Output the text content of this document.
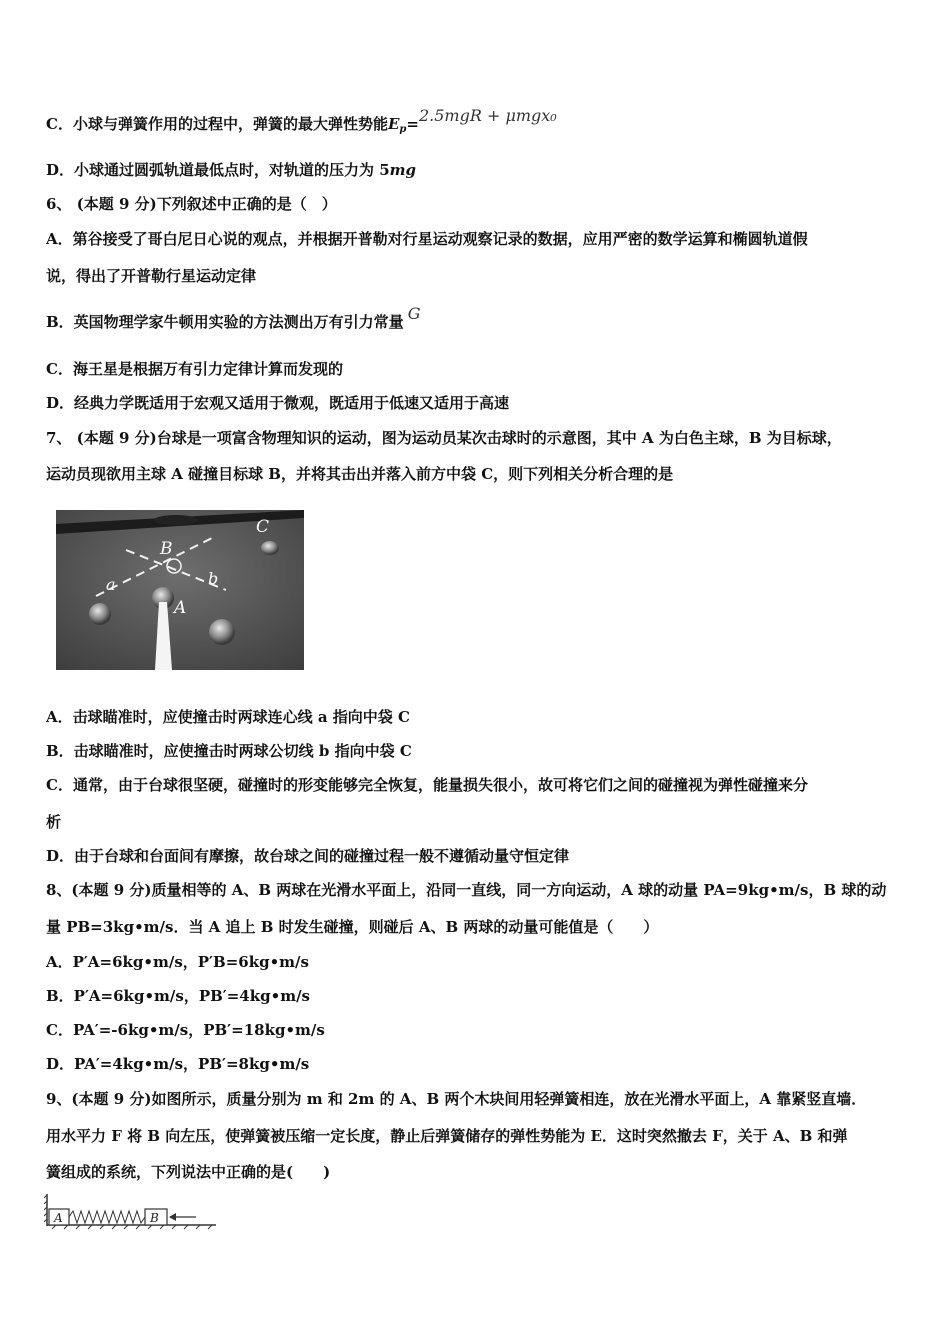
C．小球与弹簧作用的过程中，弹簧的最大弹性势能$E_p=2.5mgR + \mu mgx_0$
D．小球通过圆弧轨道最低点时，对轨道的压力为 5mg
6、 (本题 9 分)下列叙述中正确的是（　）
A．第谷接受了哥白尼日心说的观点，并根据开普勒对行星运动观察记录的数据，应用严密的数学运算和椭圆轨道假
说，得出了开普勒行星运动定律
B．英国物理学家牛顿用实验的方法测出万有引力常量 G
C．海王星是根据万有引力定律计算而发现的
D．经典力学既适用于宏观又适用于微观，既适用于低速又适用于高速
7、 (本题 9 分)台球是一项富含物理知识的运动，图为运动员某次击球时的示意图，其中 A 为白色主球，B 为目标球，
运动员现欲用主球 A 碰撞目标球 B，并将其击出并落入前方中袋 C，则下列相关分析合理的是
B
A
C
a	b
A．击球瞄准时，应使撞击时两球连心线 a 指向中袋 C
B．击球瞄准时，应使撞击时两球公切线 b 指向中袋 C
C．通常，由于台球很坚硬，碰撞时的形变能够完全恢复，能量损失很小，故可将它们之间的碰撞视为弹性碰撞来分
析
D．由于台球和台面间有摩擦，故台球之间的碰撞过程一般不遵循动量守恒定律
8、(本题 9 分)质量相等的 A、B 两球在光滑水平面上，沿同一直线，同一方向运动，A 球的动量 PA=9kg•m/s，B 球的动
量 PB=3kg•m/s．当 A 追上 B 时发生碰撞，则碰后 A、B 两球的动量可能值是（　　）
A．P′A=6kg•m/s，P′B=6kg•m/s
B．P′A=6kg•m/s，PB′=4kg•m/s
C．PA′=-6kg•m/s，PB′=18kg•m/s
D．PA′=4kg•m/s，PB′=8kg•m/s
9、(本题 9 分)如图所示，质量分别为 m 和 2m 的 A、B 两个木块间用轻弹簧相连，放在光滑水平面上，A 靠紧竖直墙．
用水平力 F 将 B 向左压，使弹簧被压缩一定长度，静止后弹簧储存的弹性势能为 E．这时突然撤去 F，关于 A、B 和弹
簧组成的系统，下列说法中正确的是(　　)
A	B
